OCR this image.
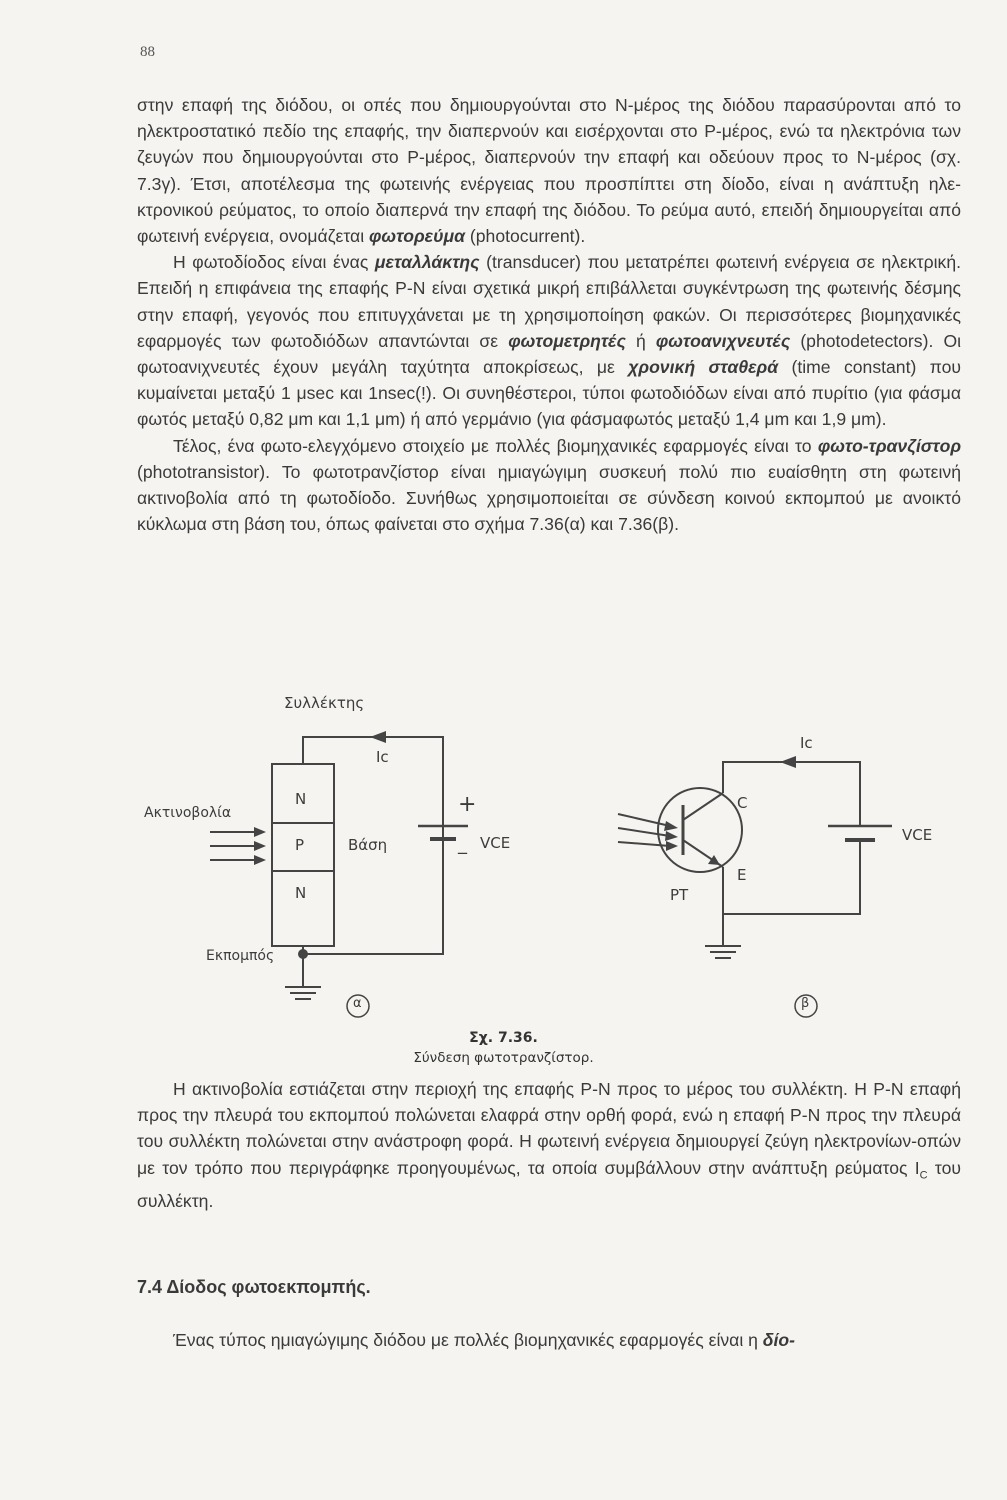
88

στην επαφή της διόδου, οι οπές που δημιουργούνται στο Ν-μέρος της διόδου παρασύρονται από το ηλεκτροστατικό πεδίο της επαφής, την διαπερνούν και εισέρχονται στο Ρ-μέρος, ενώ τα ηλεκτρόνια των ζευγών που δημιουργούνται στο Ρ-μέρος, διαπερνούν την επαφή και οδεύουν προς το Ν-μέρος (σχ. 7.3γ). Έτσι, αποτέλεσμα της φωτεινής ενέργειας που προσπίπτει στη δίοδο, είναι η ανάπτυξη ηλεκτρονικού ρεύματος, το οποίο διαπερνά την επαφή της διόδου. Το ρεύμα αυτό, επειδή δημιουργείται από φωτεινή ενέργεια, ονομάζεται φωτορεύμα (photocurrent).

Η φωτοδίοδος είναι ένας μεταλλάκτης (transducer) που μετατρέπει φωτεινή ενέργεια σε ηλεκτρική. Επειδή η επιφάνεια της επαφής Ρ-Ν είναι σχετικά μικρή επιβάλλεται συγκέντρωση της φωτεινής δέσμης στην επαφή, γεγονός που επιτυγχάνεται με τη χρησιμοποίηση φακών. Οι περισσότερες βιομηχανικές εφαρμογές των φωτοδιόδων απαντώνται σε φωτομετρητές ή φωτοανιχνευτές (photodetectors). Οι φωτοανιχνευτές έχουν μεγάλη ταχύτητα αποκρίσεως, με χρονική σταθερά (time constant) που κυμαίνεται μεταξύ 1 μsec και 1nsec(!). Οι συνηθέστεροι, τύποι φωτοδιόδων είναι από πυρίτιο (για φάσμα φωτός μεταξύ 0,82 μm και 1,1 μm) ή από γερμάνιο (για φάσμαφωτός μεταξύ 1,4 μm και 1,9 μm).

Τέλος, ένα φωτο-ελεγχόμενο στοιχείο με πολλές βιομηχανικές εφαρμογές είναι το φωτο-τρανζίστορ (phototransistor). Το φωτοτρανζίστορ είναι ημιαγώγιμη συσκευή πολύ πιο ευαίσθητη στη φωτεινή ακτινοβολία από τη φωτοδίοδο. Συνήθως χρησιμοποιείται σε σύνδεση κοινού εκπομπού με ανοικτό κύκλωμα στη βάση του, όπως φαίνεται στο σχήμα 7.36(α) και 7.36(β).

Συλλέκτης
Ακτινοβολία
Εκπομπός
Βάση
Ic
N
P
N
+
_ VCE
α
Ic
C
E
PT
VCE
β
Σχ. 7.36.
Σύνδεση φωτοτρανζίστορ.

Η ακτινοβολία εστιάζεται στην περιοχή της επαφής Ρ-Ν προς το μέρος του συλλέκτη. Η Ρ-Ν επαφή προς την πλευρά του εκπομπού πολώνεται ελαφρά στην ορθή φορά, ενώ η επαφή Ρ-Ν προς την πλευρά του συλλέκτη πολώνεται στην ανάστροφη φορά. Η φωτεινή ενέργεια δημιουργεί ζεύγη ηλεκτρονίων-οπών με τον τρόπο που περιγράφηκε προηγουμένως, τα οποία συμβάλλουν στην ανάπτυξη ρεύματος $I_C$ του συλλέκτη.

7.4 Δίοδος φωτοεκπομπής.

Ένας τύπος ημιαγώγιμης διόδου με πολλές βιομηχανικές εφαρμογές είναι η δίο-
